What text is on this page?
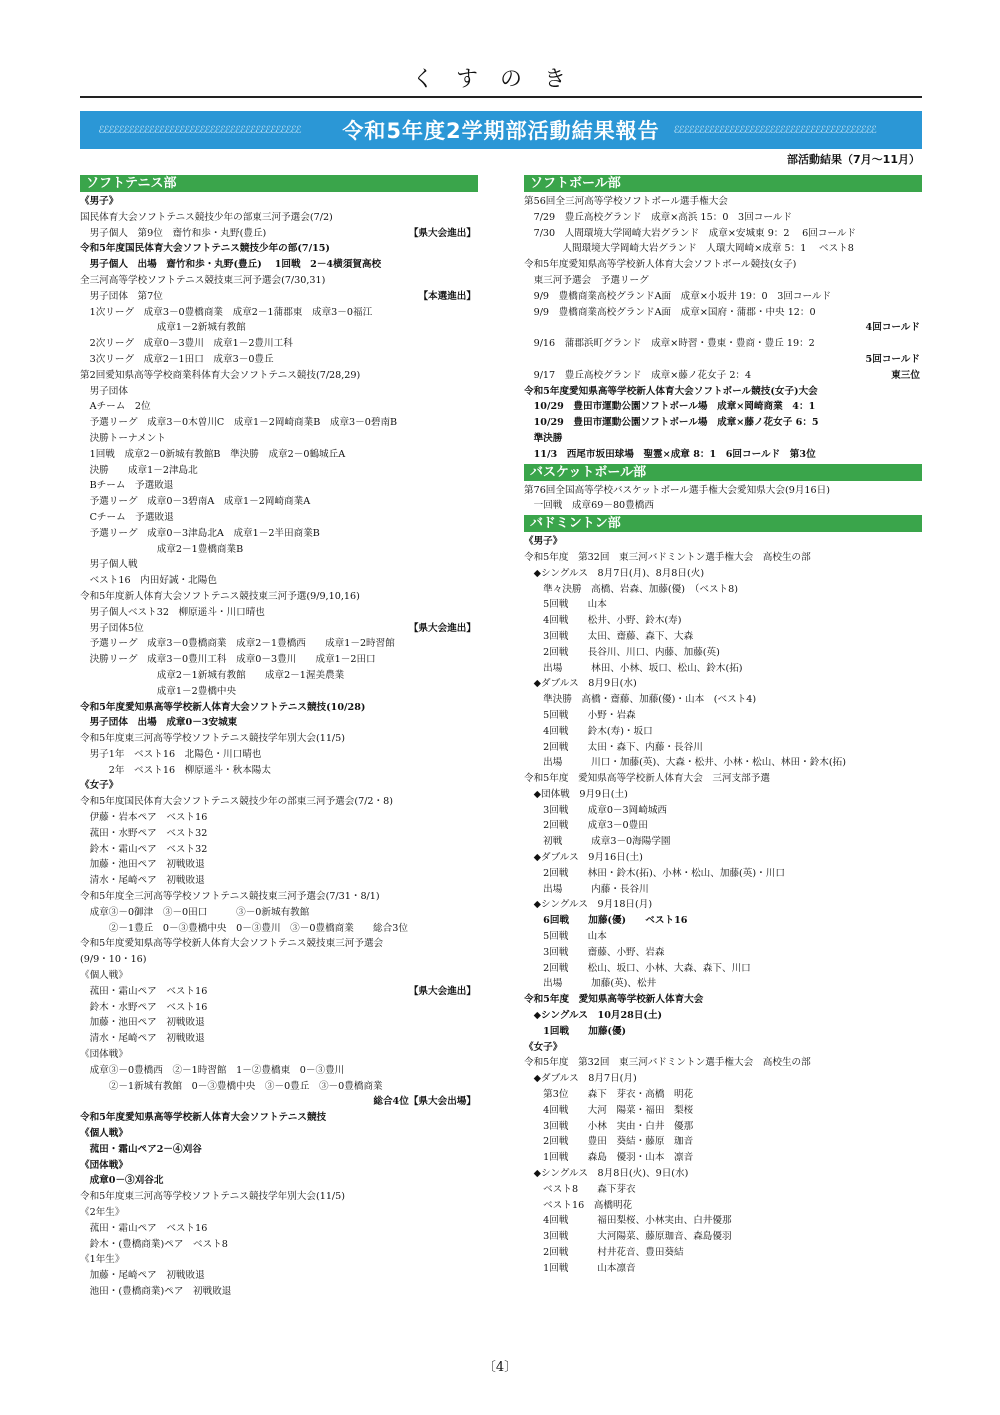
くすのき
ℰℰℰℰℰℰℰℰℰℰℰℰℰℰℰℰℰℰℰℰℰℰℰℰℰℰℰℰℰℰℰℰℰℰℰℰℰℰℰℰ	令和5年度2学期部活動結果報告 ℰℰℰℰℰℰℰℰℰℰℰℰℰℰℰℰℰℰℰℰℰℰℰℰℰℰℰℰℰℰℰℰℰℰℰℰℰℰℰℰ
部活動結果（7月〜11月）
ソフトテニス部
《男子》
国民体育大会ソフトテニス競技少年の部東三河予選会(7/2)
　男子個人　第9位　齋竹和歩・丸野(豊丘)	【県大会進出】
令和5年度国民体育大会ソフトテニス競技少年の部(7/15)
　男子個人　出場　齋竹和歩・丸野(豊丘)　 1回戦　2－4横須賀高校
全三河高等学校ソフトテニス競技東三河予選会(7/30,31)
　男子団体　第7位	【本選進出】
　1次リーグ　成章3－0豊橋商業　成章2－1蒲郡東　成章3－0福江
　　　　　　　　成章1－2新城有教館
　2次リーグ　成章0－3豊川　成章1－2豊川工科
　3次リーグ　成章2－1田口　成章3－0豊丘
第2回愛知県高等学校商業科体育大会ソフトテニス競技(7/28,29)
　男子団体
　Aチーム　2位
　予選リーグ　成章3－0木曽川C　成章1－2岡崎商業B　成章3－0碧南B
　決勝トーナメント
　1回戦　成章2－0新城有教館B　準決勝　成章2－0鶴城丘A
　決勝　　成章1－2津島北
　Bチーム　予選敗退
　予選リーグ　成章0－3碧南A　成章1－2岡崎商業A
　Cチーム　予選敗退
　予選リーグ　成章0－3津島北A　成章1－2半田商業B
　　　　　　　　成章2－1豊橋商業B
　男子個人戦
　ベスト16　内田好誠・北陽色
令和5年度新人体育大会ソフトテニス競技東三河予選(9/9,10,16)
　男子個人ベスト32　柳原遥斗・川口晴也
　男子団体5位	【県大会進出】
　予選リーグ　成章3－0豊橋商業　成章2－1豊橋西　　成章1－2時習館
　決勝リーグ　成章3－0豊川工科　成章0－3豊川　　成章1－2田口
　　　　　　　　成章2－1新城有教館　　成章2－1渥美農業
　　　　　　　　成章1－2豊橋中央
令和5年度愛知県高等学校新人体育大会ソフトテニス競技(10/28)
　男子団体　出場　成章0－3安城東
令和5年度東三河高等学校ソフトテニス競技学年別大会(11/5)
　男子1年　ベスト16　北陽色・川口晴也
　　　2年　ベスト16　柳原遥斗・秋本陽太
《女子》
令和5年度国民体育大会ソフトテニス競技少年の部東三河予選会(7/2・8)
　伊藤・岩本ペア　ベスト16
　菰田・水野ペア　ベスト32
　鈴木・霜山ペア　ベスト32
　加藤・池田ペア　初戦敗退
　清水・尾崎ペア　初戦敗退
令和5年度全三河高等学校ソフトテニス競技東三河予選会(7/31・8/1)
　成章③－0御津　③－0田口　　　③－0新城有教館
　　　②－1豊丘　0－③豊橋中央　0－③豊川　③－0豊橋商業　　総合3位
令和5年度愛知県高等学校新人体育大会ソフトテニス競技東三河予選会
(9/9・10・16)
《個人戦》
　菰田・霜山ペア　ベスト16	【県大会進出】
　鈴木・水野ペア　ベスト16
　加藤・池田ペア　初戦敗退
　清水・尾崎ペア　初戦敗退
《団体戦》
　成章③－0豊橋西　②－1時習館　1－②豊橋東　0－③豊川
　　　②－1新城有教館　0－③豊橋中央　③－0豊丘　③－0豊橋商業
総合4位【県大会出場】
令和5年度愛知県高等学校新人体育大会ソフトテニス競技
《個人戦》
　菰田・霜山ペア2－④刈谷
《団体戦》
　成章0－③刈谷北
令和5年度東三河高等学校ソフトテニス競技学年別大会(11/5)
《2年生》
　菰田・霜山ペア　ベスト16
　鈴木・(豊橋商業)ペア　ベスト8
《1年生》
　加藤・尾崎ペア　初戦敗退
　池田・(豊橋商業)ペア　初戦敗退
ソフトボール部
第56回全三河高等学校ソフトボール選手権大会
　7/29　豊丘高校グランド　成章×高浜 15：0　3回コールド
　7/30　人間環境大学岡崎大岩グランド　成章×安城東 9：2　 6回コールド
　　　　人間環境大学岡崎大岩グランド　人環大岡崎×成章 5：1　 ベスト8
令和5年度愛知県高等学校新人体育大会ソフトボール競技(女子)
　東三河予選会　予選リーグ
　9/9　豊橋商業高校グランドA面　成章×小坂井 19：0　3回コールド
　9/9　豊橋商業高校グランドA面　成章×国府・蒲郡・中央 12：0
4回コールド
　9/16　蒲郡浜町グランド　成章×時習・豊東・豊商・豊丘 19：2
5回コールド
　9/17　豊丘高校グランド　成章×藤ノ花女子 2：4	東三位
令和5年度愛知県高等学校新人体育大会ソフトボール競技(女子)大会
　10/29　豊田市運動公園ソフトボール場　成章×岡崎商業　4：1
　10/29　豊田市運動公園ソフトボール場　成章×藤ノ花女子 6：5
　準決勝
　11/3　西尾市坂田球場　聖霊×成章 8：1　6回コールド　第3位
バスケットボール部
第76回全国高等学校バスケットボール選手権大会愛知県大会(9月16日)
　一回戦　成章69－80豊橋西
バドミントン部
《男子》
令和5年度　第32回　東三河バドミントン選手権大会　高校生の部
　◆シングルス　8月7日(月)、8月8日(火)
　　準々決勝　高橋、岩森、加藤(優)　（ベスト8)
　　5回戦　　山本
　　4回戦　　松井、小野、鈴木(寿)
　　3回戦　　太田、齋藤、森下、大森
　　2回戦　　長谷川、川口、内藤、加藤(英)
　　出場　　　林田、小林、坂口、松山、鈴木(拓)
　◆ダブルス　8月9日(水)
　　準決勝　高橋・齋藤、加藤(優)・山本　(ベスト4)
　　5回戦　　小野・岩森
　　4回戦　　鈴木(寿)・坂口
　　2回戦　　太田・森下、内藤・長谷川
　　出場　　　川口・加藤(英)、大森・松井、小林・松山、林田・鈴木(拓)
令和5年度　愛知県高等学校新人体育大会　三河支部予選
　◆団体戦　9月9日(土)
　　3回戦　　成章0－3岡崎城西
　　2回戦　　成章3－0豊田
　　初戦　　　成章3－0海陽学園
　◆ダブルス　9月16日(土)
　　2回戦　　林田・鈴木(拓)、小林・松山、加藤(英)・川口
　　出場　　　内藤・長谷川
　◆シングルス　9月18日(月)
　　6回戦　　加藤(優)　　ベスト16
　　5回戦　　山本
　　3回戦　　齋藤、小野、岩森
　　2回戦　　松山、坂口、小林、大森、森下、川口
　　出場　　　加藤(英)、松井
令和5年度　愛知県高等学校新人体育大会
　◆シングルス　10月28日(土)
　　1回戦　　加藤(優)
《女子》
令和5年度　第32回　東三河バドミントン選手権大会　高校生の部
　◆ダブルス　8月7日(月)
　　第3位　　森下　芽衣・高橋　明花
　　4回戦　　大河　陽菜・福田　梨桜
　　3回戦　　小林　実由・白井　優那
　　2回戦　　豊田　葵結・藤原　珈音
　　1回戦　　森島　優羽・山本　凛音
　◆シングルス　8月8日(火)、9日(水)
　　ベスト8　　森下芽衣
　　ベスト16　高橋明花
　　4回戦　　　福田梨桜、小林実由、白井優那
　　3回戦　　　大河陽菜、藤原珈音、森島優羽
　　2回戦　　　村井花音、豊田葵結
　　1回戦　　　山本凛音
〔4〕
